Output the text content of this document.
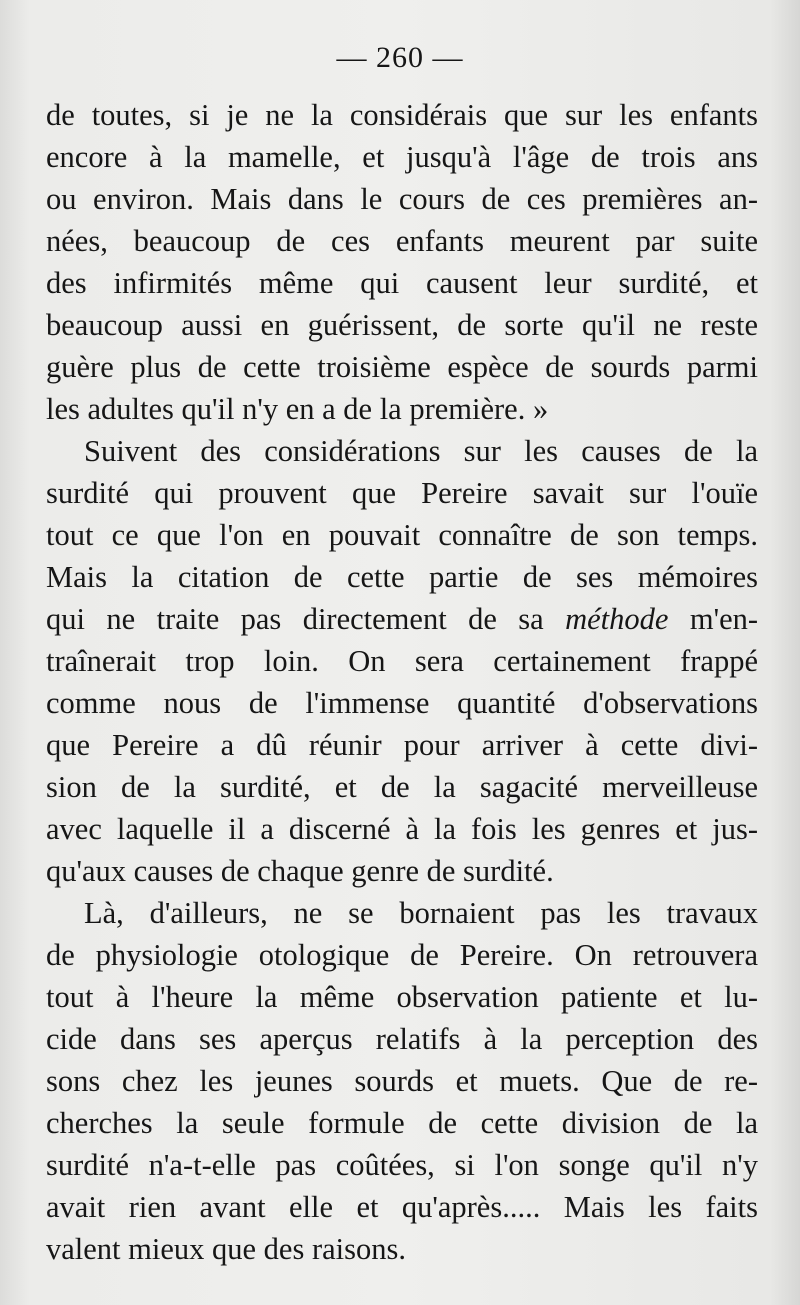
— 260 —
de toutes, si je ne la considérais que sur les enfants
encore à la mamelle, et jusqu'à l'âge de trois ans
ou environ. Mais dans le cours de ces premières an-
nées, beaucoup de ces enfants meurent par suite
des infirmités même qui causent leur surdité, et
beaucoup aussi en guérissent, de sorte qu'il ne reste
guère plus de cette troisième espèce de sourds parmi
les adultes qu'il n'y en a de la première. »
Suivent des considérations sur les causes de la
surdité qui prouvent que Pereire savait sur l'ouïe
tout ce que l'on en pouvait connaître de son temps.
Mais la citation de cette partie de ses mémoires
qui ne traite pas directement de sa méthode m'en-
traînerait trop loin. On sera certainement frappé
comme nous de l'immense quantité d'observations
que Pereire a dû réunir pour arriver à cette divi-
sion de la surdité, et de la sagacité merveilleuse
avec laquelle il a discerné à la fois les genres et jus-
qu'aux causes de chaque genre de surdité.
Là, d'ailleurs, ne se bornaient pas les travaux
de physiologie otologique de Pereire. On retrouvera
tout à l'heure la même observation patiente et lu-
cide dans ses aperçus relatifs à la perception des
sons chez les jeunes sourds et muets. Que de re-
cherches la seule formule de cette division de la
surdité n'a-t-elle pas coûtées, si l'on songe qu'il n'y
avait rien avant elle et qu'après..... Mais les faits
valent mieux que des raisons.
